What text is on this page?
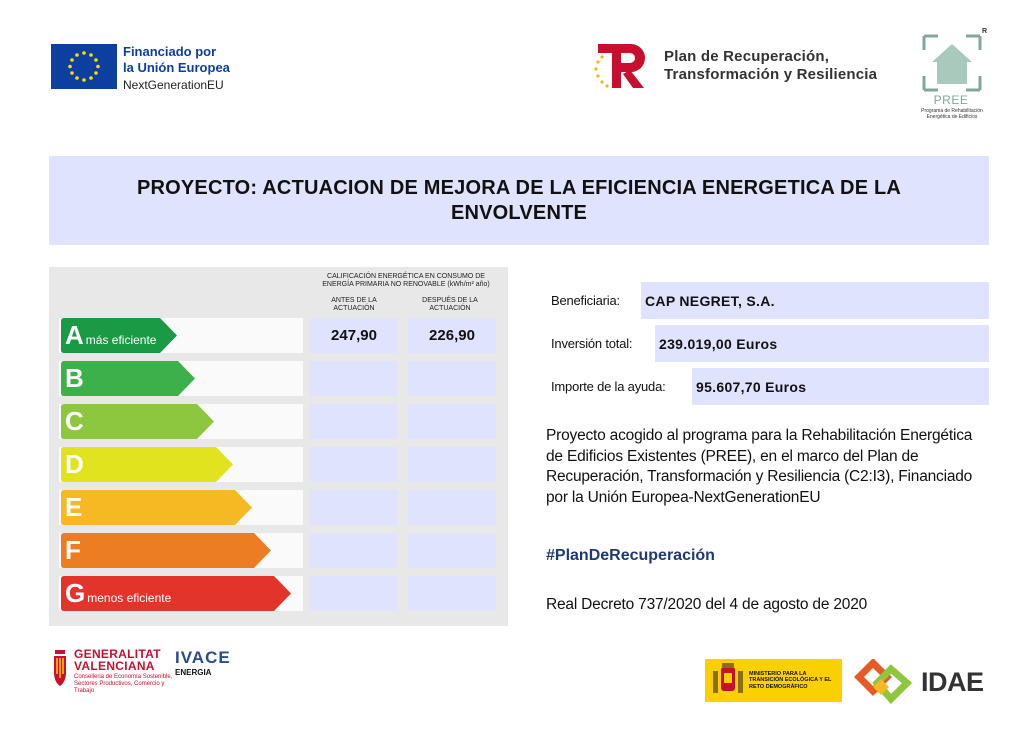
Financiado por
la Unión Europea
NextGenerationEU
Plan de Recuperación,
Transformación y Resiliencia
R
PREE
Programa de Rehabilitación Energética de Edificios
PROYECTO: ACTUACION DE MEJORA DE LA EFICIENCIA ENERGETICA DE LA ENVOLVENTE
CALIFICACIÓN ENERGÉTICA EN CONSUMO DE ENERGÍA PRIMARIA NO RENOVABLE (kWh/m² año)
ANTES DE LA ACTUACIÓN
DESPUÉS DE LA ACTUACIÓN
Amás eficiente	247,90	226,90
B
C
D
E
F
Gmenos eficiente
Beneficiaria: CAP NEGRET, S.A.
Inversión total: 239.019,00 Euros
Importe de la ayuda: 95.607,70 Euros
Proyecto acogido al programa para la Rehabilitación Energética de Edificios Existentes (PREE), en el marco del Plan de Recuperación, Transformación y Resiliencia (C2:I3), Financiado por la Unión Europea-NextGenerationEU
#PlanDeRecuperación
Real Decreto 737/2020 del 4 de agosto de 2020
GENERALITAT
VALENCIANA
Conselleria de Economía Sostenible, Sectores Productivos, Comercio y Trabajo
IVACE
ENERGIA	MINISTERIO PARA LA TRANSICIÓN ECOLÓGICA Y EL RETO DEMOGRÁFICO	IDAE
